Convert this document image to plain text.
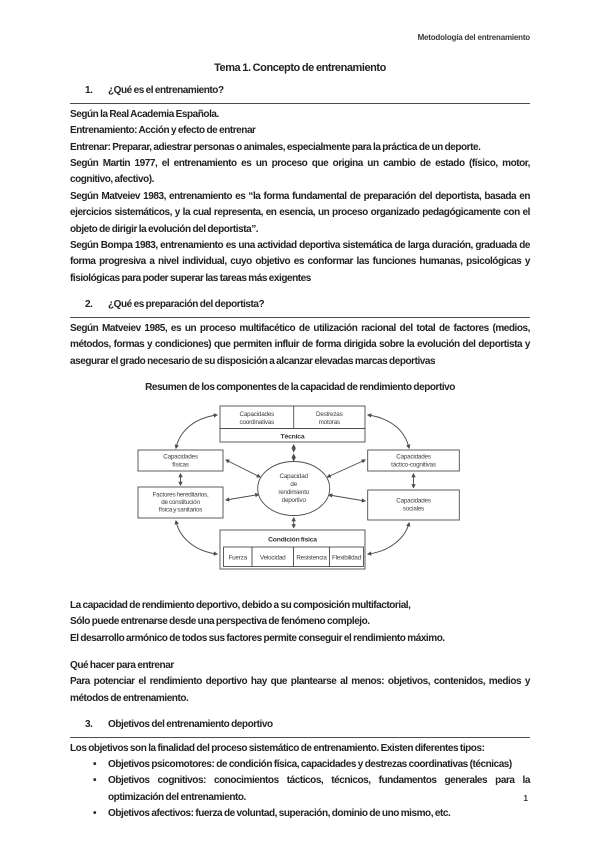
Metodología del entrenamiento
Tema 1. Concepto de entrenamiento
1.	¿Qué es el entrenamiento?

Según la Real Academia Española.

Entrenamiento: Acción y efecto de entrenar

Entrenar: Preparar, adiestrar personas o animales, especialmente para la práctica de un deporte.

Según Martin 1977, el entrenamiento es un proceso que origina un cambio de estado (físico, motor, cognitivo, afectivo).

Según Matveiev 1983, entrenamiento es “la forma fundamental de preparación del deportista, basada en ejercicios sistemáticos, y la cual representa, en esencia, un proceso organizado pedagógicamente con el objeto de dirigir la evolución del deportista”.

Según Bompa 1983, entrenamiento es una actividad deportiva sistemática de larga duración, graduada de forma progresiva a nivel individual, cuyo objetivo es conformar las funciones humanas, psicológicas y fisiológicas para poder superar las tareas más exigentes

2.	¿Qué es preparación del deportista?

Según Matveiev 1985, es un proceso multifacético de utilización racional del total de factores (medios, métodos, formas y condiciones) que permiten influir de forma dirigida sobre la evolución del deportista y asegurar el grado necesario de su disposición a alcanzar elevadas marcas deportivas

Resumen de los componentes de la capacidad de rendimiento deportivo
Capacidades
coordinativas
Destrezas
motoras
Técnica
Capacidades
físicas
Capacidades
táctico-cognitivas
Factores hereditarios,
de constitución
física y sanitarios
Capacidades
sociales
Capacidad
de
rendimiento
deportivo
Condición física
Fuerza Velocidad Resistencia Flexibilidad

La capacidad de rendimiento deportivo, debido a su composición multifactorial,

Sólo puede entrenarse desde una perspectiva de fenómeno complejo.

El desarrollo armónico de todos sus factores permite conseguir el rendimiento máximo.

Qué hacer para entrenar

Para potenciar el rendimiento deportivo hay que plantearse al menos: objetivos, contenidos, medios y métodos de entrenamiento.

3.	Objetivos del entrenamiento deportivo

Los objetivos son la finalidad del proceso sistemático de entrenamiento. Existen diferentes tipos:

• Objetivos psicomotores: de condición física, capacidades y destrezas coordinativas (técnicas)
• Objetivos cognitivos: conocimientos tácticos, técnicos, fundamentos generales para la optimización del entrenamiento.
• Objetivos afectivos: fuerza de voluntad, superación, dominio de uno mismo, etc.
1
